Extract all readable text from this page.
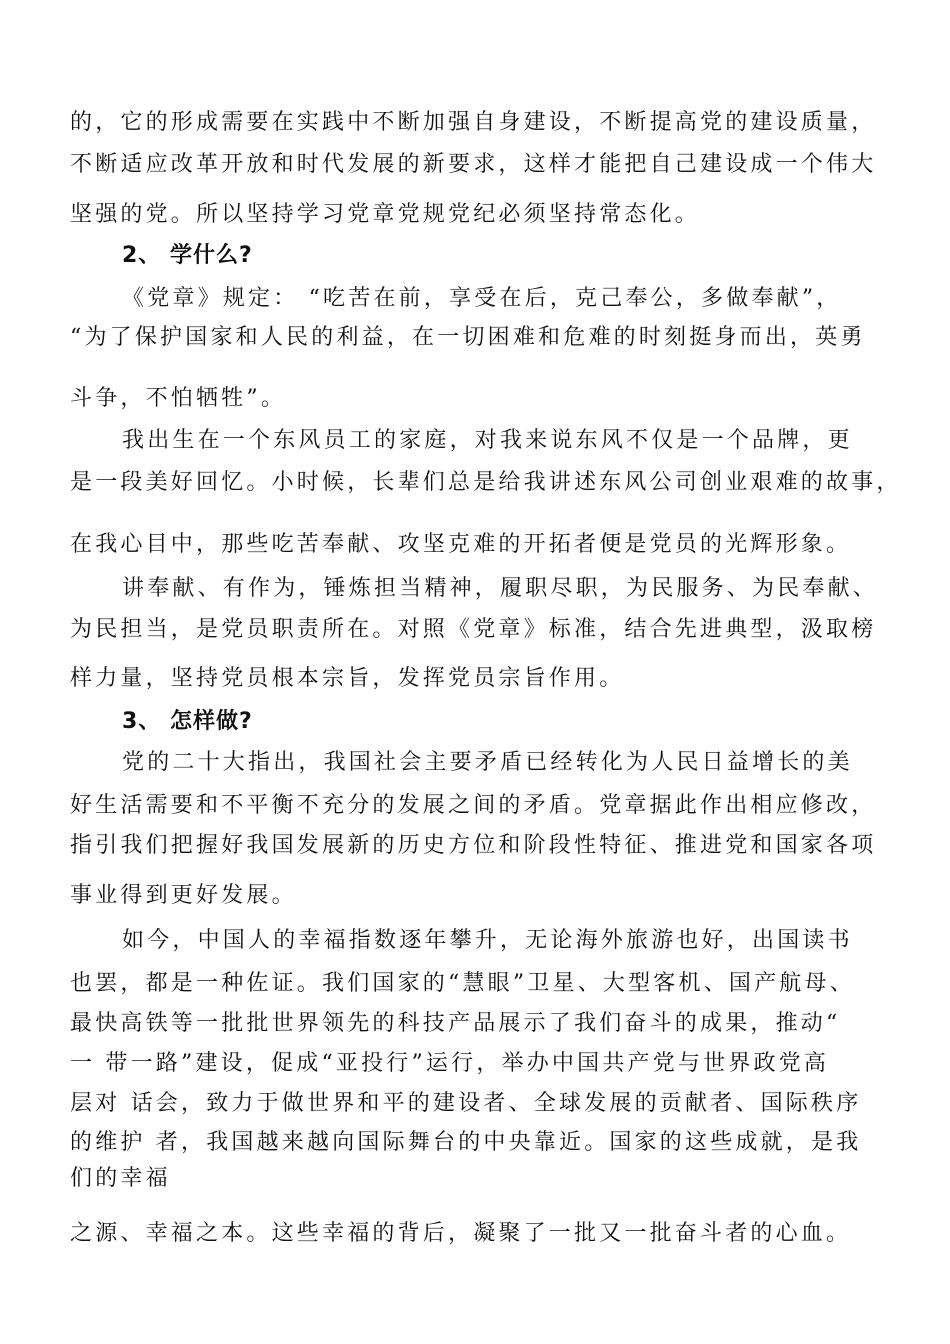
的，它的形成需要在实践中不断加强自身建设，不断提高党的建设质量，
不断适应改革开放和时代发展的新要求，这样才能把自己建设成一个伟大
坚强的党。所以坚持学习党章党规党纪必须坚持常态化。
2、 学什么?
《党章》规定： “吃苦在前，享受在后，克己奉公，多做奉献”，
“为了保护国家和人民的利益，在一切困难和危难的时刻挺身而出，英勇
斗争，不怕牺牲”。
我出生在一个东风员工的家庭，对我来说东风不仅是一个品牌，更
是一段美好回忆。小时候，长辈们总是给我讲述东风公司创业艰难的故事，
在我心目中，那些吃苦奉献、攻坚克难的开拓者便是党员的光辉形象。
讲奉献、有作为，锤炼担当精神，履职尽职，为民服务、为民奉献、
为民担当，是党员职责所在。对照《党章》标准，结合先进典型，汲取榜
样力量，坚持党员根本宗旨，发挥党员宗旨作用。
3、 怎样做?
党的二十大指出，我国社会主要矛盾已经转化为人民日益增长的美
好生活需要和不平衡不充分的发展之间的矛盾。党章据此作出相应修改，
指引我们把握好我国发展新的历史方位和阶段性特征、推进党和国家各项
事业得到更好发展。
如今，中国人的幸福指数逐年攀升，无论海外旅游也好，出国读书
也罢，都是一种佐证。我们国家的“慧眼”卫星、大型客机、国产航母、
最快高铁等一批批世界领先的科技产品展示了我们奋斗的成果，推动“
一 带一路”建设，促成“亚投行”运行，举办中国共产党与世界政党高
层对 话会，致力于做世界和平的建设者、全球发展的贡献者、国际秩序
的维护 者，我国越来越向国际舞台的中央靠近。国家的这些成就，是我
们的幸福
之源、幸福之本。这些幸福的背后，凝聚了一批又一批奋斗者的心血。
